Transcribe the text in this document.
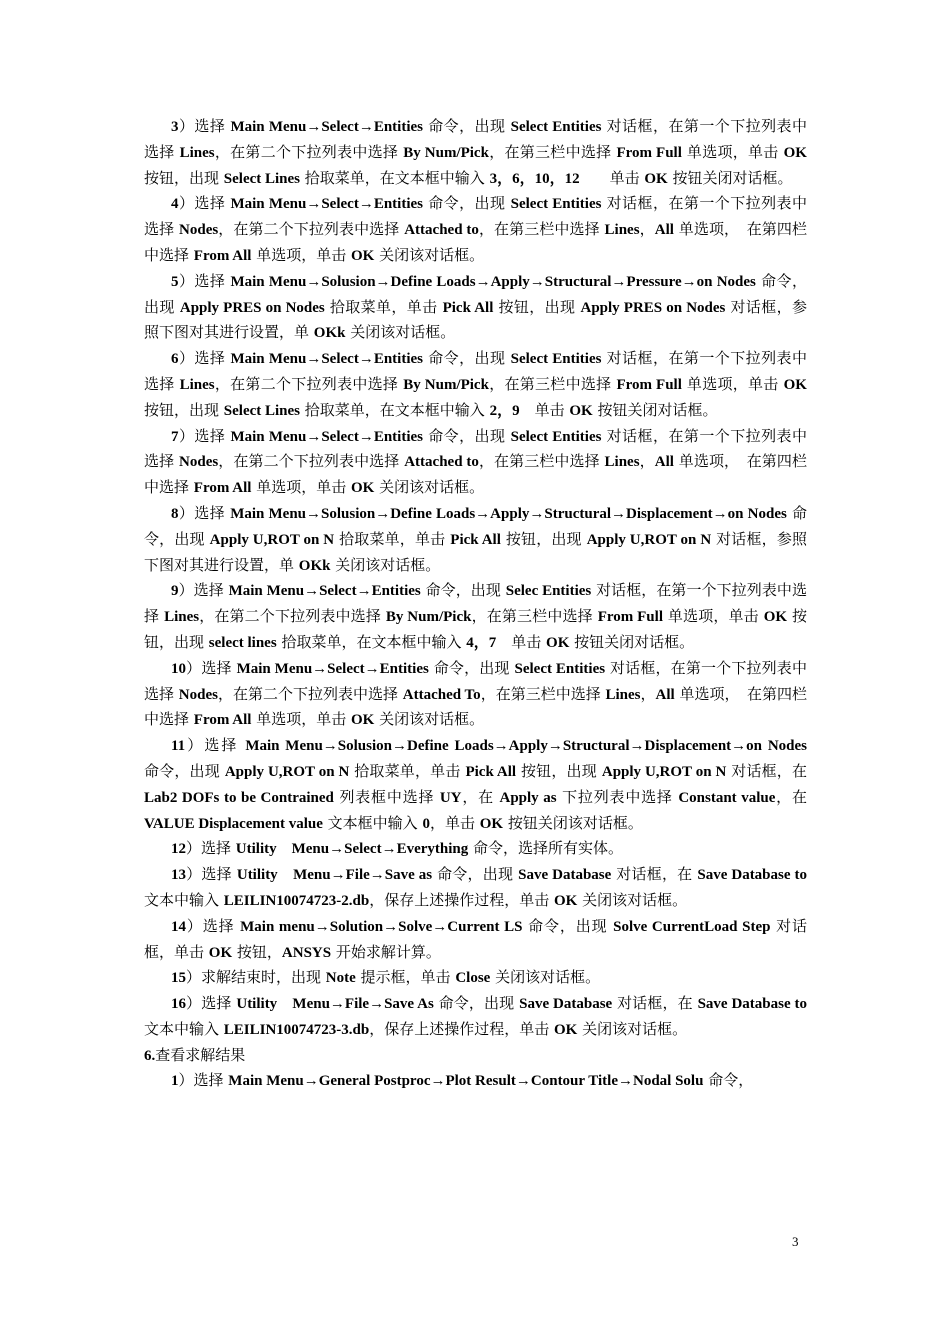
3）选择 Main Menu→Select→Entities 命令，出现 Select Entities 对话框，在第一个下拉列表中选择 Lines，在第二个下拉列表中选择 By Num/Pick，在第三栏中选择 From Full 单选项，单击 OK 按钮，出现 Select Lines 拾取菜单，在文本框中输入 3，6，10，12　　单击 OK 按钮关闭对话框。

4）选择 Main Menu→Select→Entities 命令，出现 Select Entities 对话框，在第一个下拉列表中选择 Nodes，在第二个下拉列表中选择 Attached to，在第三栏中选择 Lines，All 单选项，　在第四栏中选择 From All 单选项，单击 OK 关闭该对话框。

5）选择 Main Menu→Solusion→Define Loads→Apply→Structural→Pressure→on Nodes 命令，出现 Apply PRES on Nodes 拾取菜单，单击 Pick All 按钮，出现 Apply PRES on Nodes 对话框，参照下图对其进行设置，单 OKk 关闭该对话框。

6）选择 Main Menu→Select→Entities 命令，出现 Select Entities 对话框，在第一个下拉列表中选择 Lines，在第二个下拉列表中选择 By Num/Pick，在第三栏中选择 From Full 单选项，单击 OK 按钮，出现 Select Lines 拾取菜单，在文本框中输入 2，9　单击 OK 按钮关闭对话框。

7）选择 Main Menu→Select→Entities 命令，出现 Select Entities 对话框，在第一个下拉列表中选择 Nodes，在第二个下拉列表中选择 Attached to，在第三栏中选择 Lines，All 单选项，　在第四栏中选择 From All 单选项，单击 OK 关闭该对话框。

8）选择 Main Menu→Solusion→Define Loads→Apply→Structural→Displacement→on Nodes 命令，出现 Apply U,ROT on N 拾取菜单，单击 Pick All 按钮，出现 Apply U,ROT on N 对话框，参照下图对其进行设置，单 OKk 关闭该对话框。

9）选择 Main Menu→Select→Entities 命令，出现 Selec Entities 对话框，在第一个下拉列表中选择 Lines，在第二个下拉列表中选择 By Num/Pick，在第三栏中选择 From Full 单选项，单击 OK 按钮，出现 select lines 拾取菜单，在文本框中输入 4，7　单击 OK 按钮关闭对话框。

10）选择 Main Menu→Select→Entities 命令，出现 Select Entities 对话框，在第一个下拉列表中选择 Nodes，在第二个下拉列表中选择 Attached To，在第三栏中选择 Lines，All 单选项，　在第四栏中选择 From All 单选项，单击 OK 关闭该对话框。

11）选择 Main Menu→Solusion→Define Loads→Apply→Structural→Displacement→on Nodes 命令，出现 Apply U,ROT on N 拾取菜单，单击 Pick All 按钮，出现 Apply U,ROT on N 对话框，在 Lab2 DOFs to be Contrained 列表框中选择 UY，在 Apply as 下拉列表中选择 Constant value，在 VALUE Displacement value 文本框中输入 0，单击 OK 按钮关闭该对话框。

12）选择 Utility　Menu→Select→Everything 命令，选择所有实体。

13）选择 Utility　Menu→File→Save as 命令，出现 Save Database 对话框，在 Save Database to 文本中输入 LEILIN10074723-2.db，保存上述操作过程，单击 OK 关闭该对话框。

14）选择 Main menu→Solution→Solve→Current LS 命令，出现 Solve CurrentLoad Step 对话框，单击 OK 按钮，ANSYS 开始求解计算。

15）求解结束时，出现 Note 提示框，单击 Close 关闭该对话框。

16）选择 Utility　Menu→File→Save As 命令，出现 Save Database 对话框，在 Save Database to 文本中输入 LEILIN10074723-3.db，保存上述操作过程，单击 OK 关闭该对话框。

6.查看求解结果

1）选择 Main Menu→General Postproc→Plot Result→Contour Title→Nodal Solu 命令，

3
